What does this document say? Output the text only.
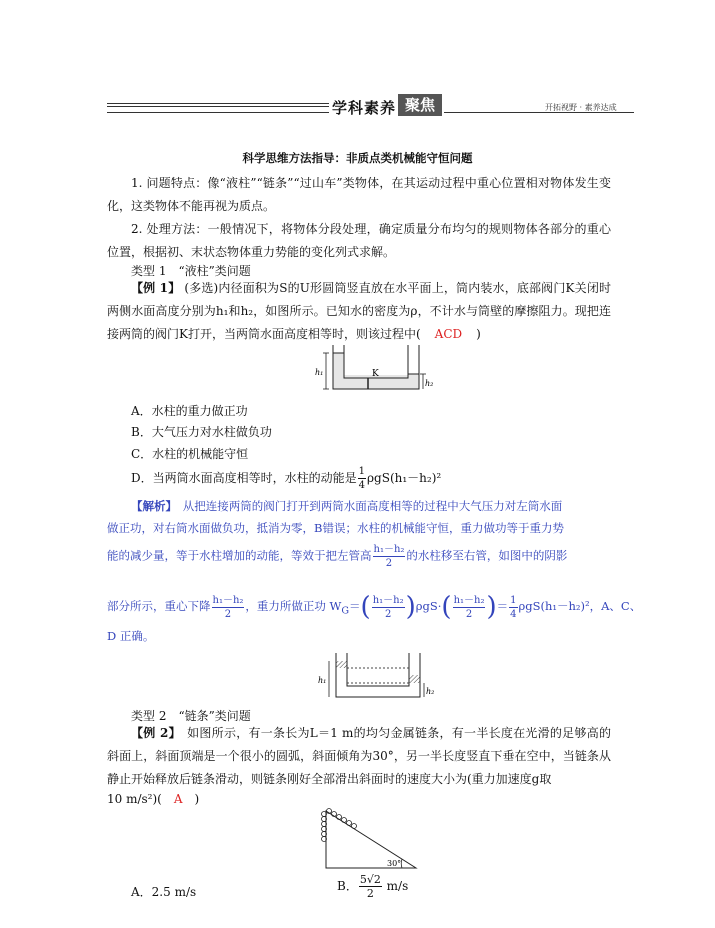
学科素养 聚焦	开拓视野 · 素养达成
科学思维方法指导：非质点类机械能守恒问题
1. 问题特点：像“液柱”“链条”“过山车”类物体，在其运动过程中重心位置相对物体发生变化，这类物体不能再视为质点。
2. 处理方法：一般情况下，将物体分段处理，确定质量分布均匀的规则物体各部分的重心位置，根据初、末状态物体重力势能的变化列式求解。
类型 1　“液柱”类问题
【例 1】 (多选)内径面积为S的U形圆筒竖直放在水平面上，筒内装水，底部阀门K关闭时两侧水面高度分别为h₁和h₂，如图所示。已知水的密度为ρ，不计水与筒壁的摩擦阻力。现把连接两筒的阀门K打开，当两筒水面高度相等时，则该过程中( ACD )
h₁	K
h₂
A．水柱的重力做正功
B．大气压力对水柱做负功
C．水柱的机械能守恒
D．当两筒水面高度相等时，水柱的动能是 $\frac{1}{4} \rho gS(h_1-h_2)^2$
【解析】　 从把连接两筒的阀门打开到两筒水面高度相等的过程中大气压力对左筒水面
做正功，对右筒水面做负功，抵消为零，B错误；水柱的机械能守恒，重力做功等于重力势
能的减少量，等于水柱增加的动能，等效于把左管高 $\frac{\text{h₁－h₂}}{2}$ 的水柱移至右管，如图中的阴影
部分所示，重心下降 $\frac{\text{h₁－h₂}}{2}$ ，重力所做正功 $W_G=( \frac{\text{h₁－h₂}}{2} )\rho gS\cdot( \frac{\text{h₁－h₂}}{2}$ )＝ $\frac{1}{4} \rho gS(h_1-h_2)^2$，A、C、
D 正确。
h₁
h₂
类型 2　“链条”类问题
【例 2】　 如图所示，有一条长为L＝1 m的均匀金属链条，有一半长度在光滑的足够高的斜面上，斜面顶端是一个很小的圆弧，斜面倾角为30°，另一半长度竖直下垂在空中，当链条从静止开始释放后链条滑动，则链条刚好全部滑出斜面时的速度大小为(重力加速度g取
10 m/s²)( A )
30°
A．2.5 m/s	B． $\frac{5√2}{2} m/s$
